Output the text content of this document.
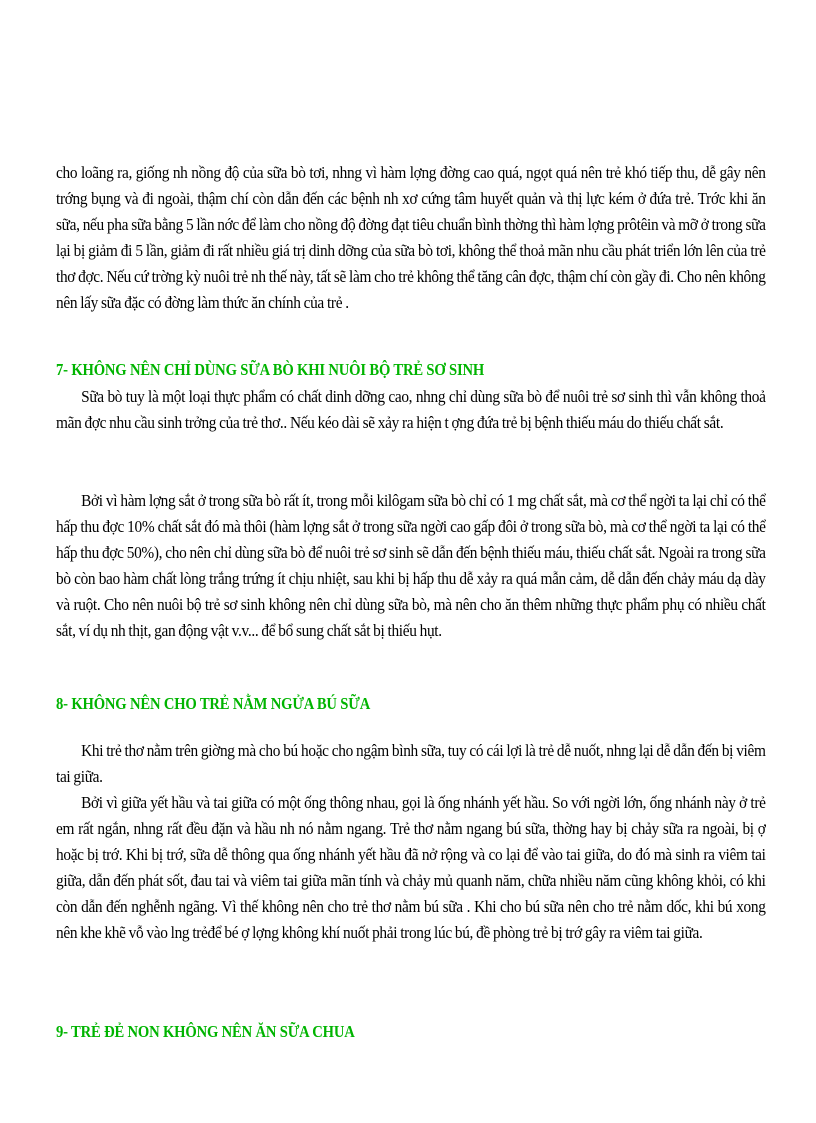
cho loãng ra, giống nh nồng độ của sữa bò tơi, nhng vì hàm lợng đờng cao quá, ngọt quá nên trẻ khó tiếp thu, dễ gây nên trớng bụng và đi ngoài, thậm chí còn dẫn đến các bệnh nh xơ cứng tâm huyết quản và thị lực kém ở đứa trẻ. Trớc khi ăn sữa, nếu pha sữa bằng 5 lần nớc để làm cho nồng độ đờng đạt tiêu chuẩn bình thờng thì hàm lợng prôtêin và mỡ ở trong sữa lại bị giảm đi 5 lần, giảm đi rất nhiều giá trị dinh dỡng của sữa bò tơi, không thể thoả mãn nhu cầu phát triển lớn lên của trẻ thơ đợc. Nếu cứ trờng kỳ nuôi trẻ nh thế này, tất sẽ làm cho trẻ không thể tăng cân đợc, thậm chí còn gầy đi. Cho nên không nên lấy sữa đặc có đờng làm thức ăn chính của trẻ .

7- KHÔNG NÊN CHỈ DÙNG SỮA BÒ KHI NUÔI BỘ TRẺ SƠ SINH

Sữa bò tuy là một loại thực phẩm có chất dinh dỡng cao, nhng chỉ dùng sữa bò để nuôi trẻ sơ sinh thì vẫn không thoả mãn đợc nhu cầu sinh trởng của trẻ thơ.. Nếu kéo dài sẽ xảy ra hiện t ợng đứa trẻ bị bệnh thiếu máu do thiếu chất sắt.

Bởi vì hàm lợng sắt ở trong sữa bò rất ít, trong mỗi kilôgam sữa bò chỉ có 1 mg chất sắt, mà cơ thể ngời ta lại chỉ có thể hấp thu đợc 10% chất sắt đó mà thôi (hàm lợng sắt ở trong sữa ngời cao gấp đôi ở trong sữa bò, mà cơ thể ngời ta lại có thể hấp thu đợc 50%), cho nên chỉ dùng sữa bò để nuôi trẻ sơ sinh sẽ dẫn đến bệnh thiếu máu, thiếu chất sắt. Ngoài ra trong sữa bò còn bao hàm chất lòng trắng trứng ít chịu nhiệt, sau khi bị hấp thu dễ xảy ra quá mẫn cảm, dễ dẫn đến chảy máu dạ dày và ruột. Cho nên nuôi bộ trẻ sơ sinh không nên chỉ dùng sữa bò, mà nên cho ăn thêm những thực phẩm phụ có nhiều chất sắt, ví dụ nh thịt, gan động vật v.v... để bổ sung chất sắt bị thiếu hụt.

8- KHÔNG NÊN CHO TRẺ NẰM NGỬA BÚ SỮA

Khi trẻ thơ nằm trên giờng mà cho bú hoặc cho ngậm bình sữa, tuy có cái lợi là trẻ dễ nuốt, nhng lại dễ dẫn đến bị viêm tai giữa.

Bởi vì giữa yết hầu và tai giữa có một ống thông nhau, gọi là ống nhánh yết hầu. So với ngời lớn, ống nhánh này ở trẻ em rất ngắn, nhng rất đều đặn và hầu nh nó nằm ngang. Trẻ thơ nằm ngang bú sữa, thờng hay bị chảy sữa ra ngoài, bị ợ hoặc bị trớ. Khi bị trớ, sữa dễ thông qua ống nhánh yết hầu đã nở rộng và co lại để vào tai giữa, do đó mà sinh ra viêm tai giữa, dẫn đến phát sốt, đau tai và viêm tai giữa mãn tính và chảy mủ quanh năm, chữa nhiều năm cũng không khỏi, có khi còn dẫn đến nghễnh ngãng. Vì thế không nên cho trẻ thơ nằm bú sữa . Khi cho bú sữa nên cho trẻ nằm dốc, khi bú xong nên khe khẽ vỗ vào lng trẻđể bé ợ lợng không khí nuốt phải trong lúc bú, đề phòng trẻ bị trớ gây ra viêm tai giữa.

9- TRẺ ĐẺ NON KHÔNG NÊN ĂN SỮA CHUA
